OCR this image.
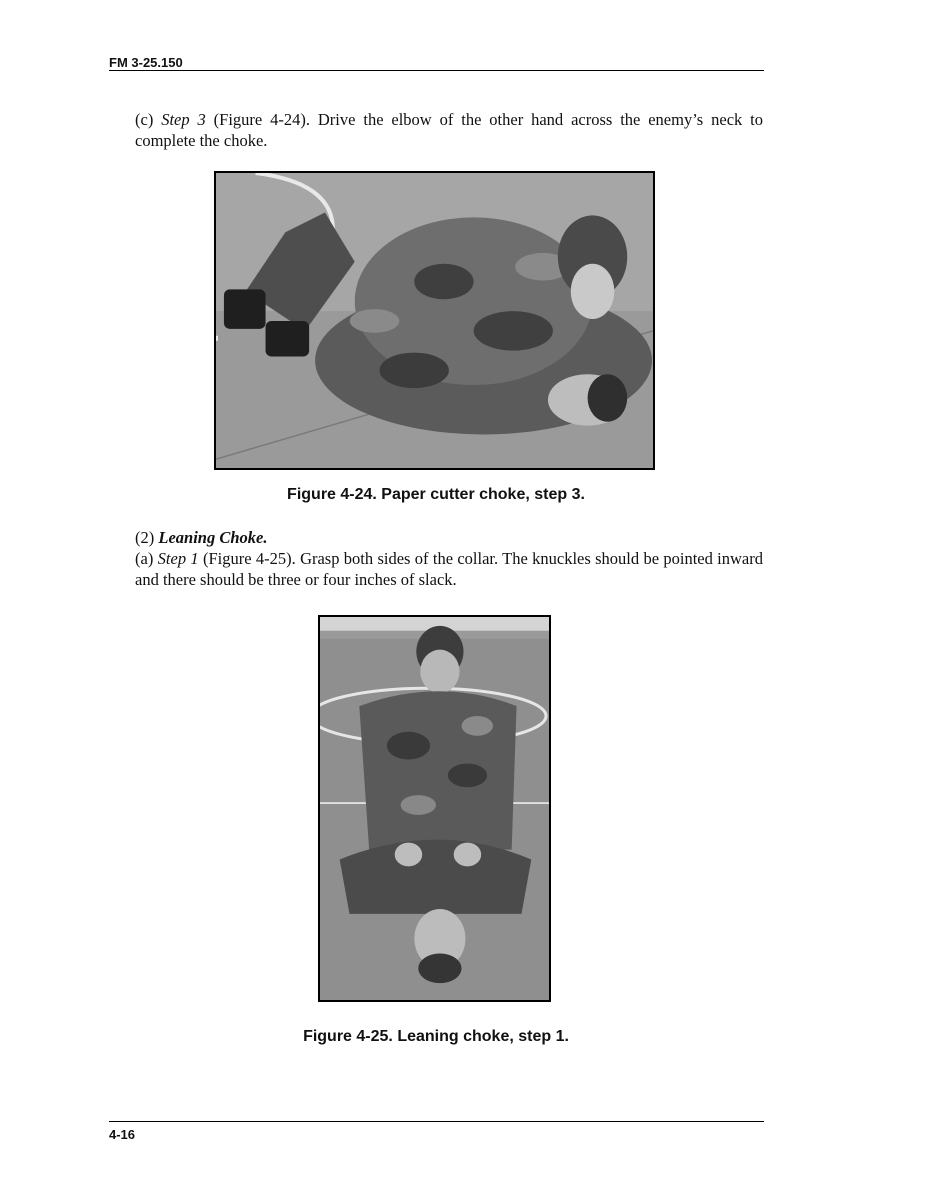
FM 3-25.150

(c) Step 3 (Figure 4-24). Drive the elbow of the other hand across the enemy’s neck to complete the choke.

Figure 4-24. Paper cutter choke, step 3.

(2) Leaning Choke.

(a) Step 1 (Figure 4-25). Grasp both sides of the collar. The knuckles should be pointed inward and there should be three or four inches of slack.

Figure 4-25. Leaning choke, step 1.
4-16
